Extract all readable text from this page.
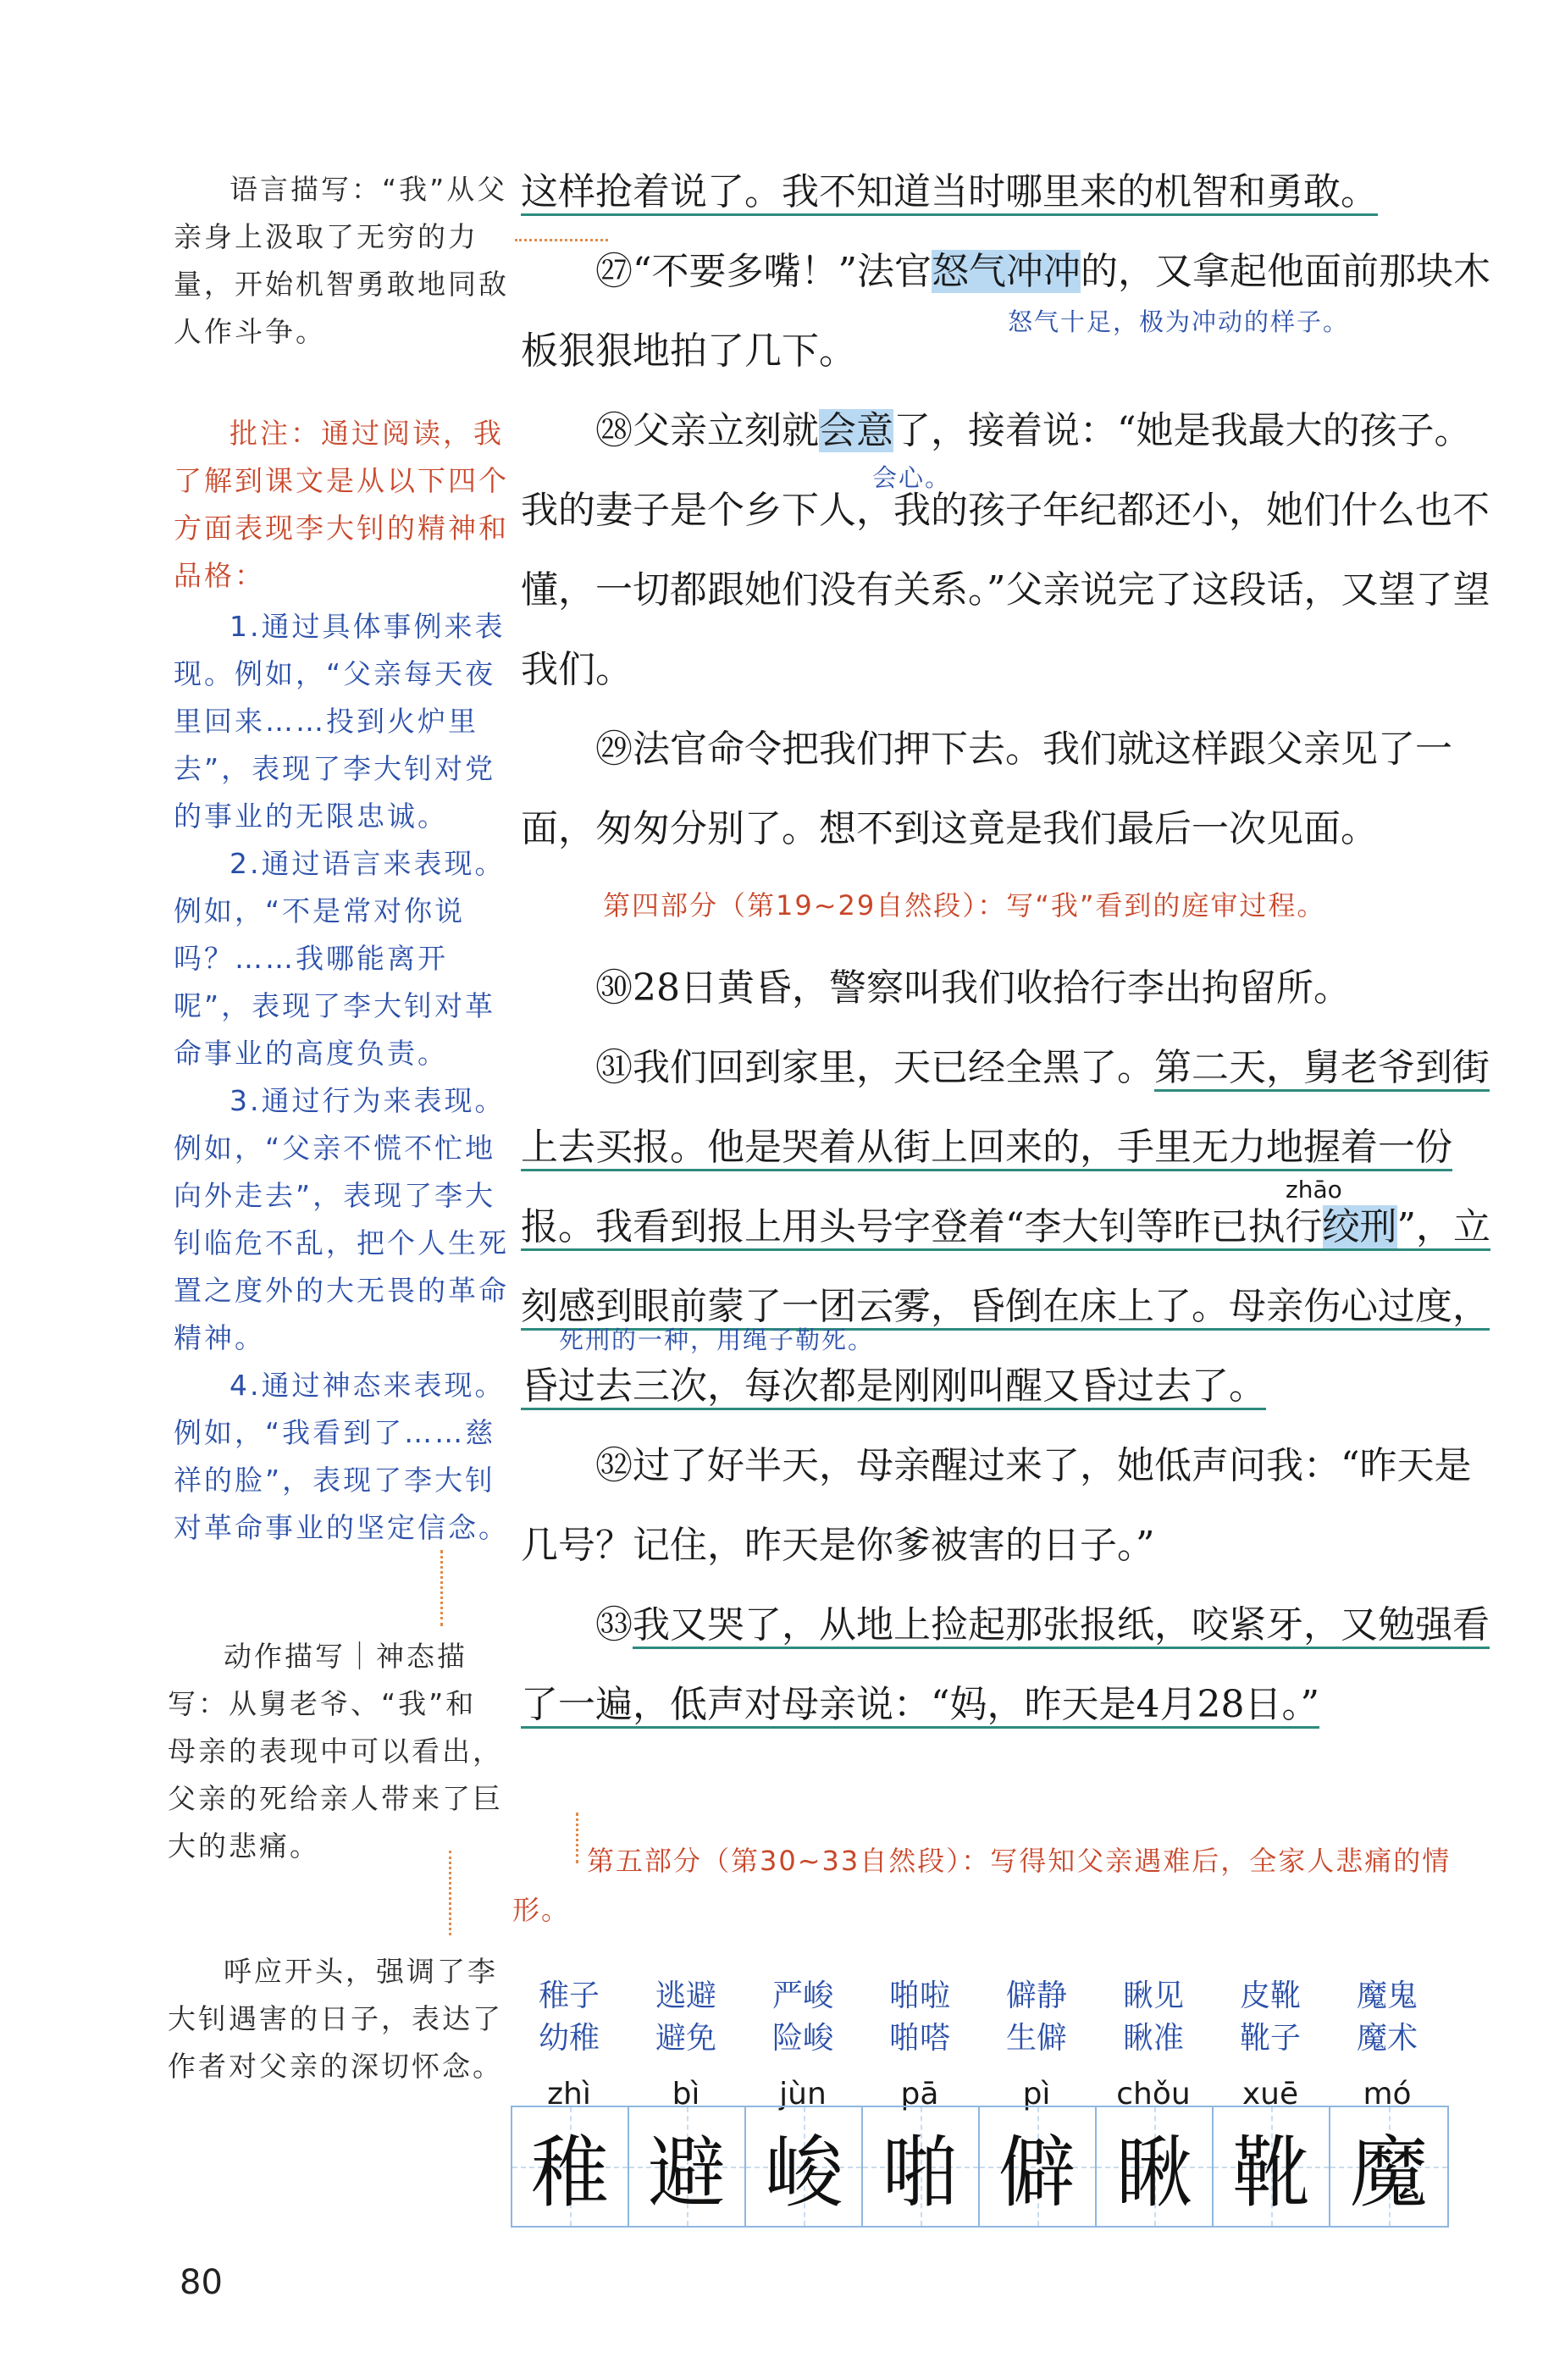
语言描写：“我”从父亲身上汲取了无穷的力量，开始机智勇敢地同敌人作斗争。
批注：通过阅读，我了解到课文是从以下四个方面表现李大钊的精神和品格：
1.通过具体事例来表现。例如，“父亲每天夜里回来……投到火炉里去”，表现了李大钊对党的事业的无限忠诚。
2.通过语言来表现。例如，“不是常对你说吗？……我哪能离开呢”，表现了李大钊对革命事业的高度负责。
3.通过行为来表现。例如，“父亲不慌不忙地向外走去”，表现了李大钊临危不乱，把个人生死置之度外的大无畏的革命精神。
4.通过神态来表现。例如，“我看到了……慈祥的脸”，表现了李大钊对革命事业的坚定信念。
动作描写｜神态描写：从舅老爷、“我”和母亲的表现中可以看出，父亲的死给亲人带来了巨大的悲痛。
呼应开头，强调了李大钊遇害的日子，表达了作者对父亲的深切怀念。

这样抢着说了。我不知道当时哪里来的机智和勇敢。

㉗“不要多嘴！”法官怒气冲冲的，又拿起他面前那块木板狠狠地拍了几下。

㉘父亲立刻就会意了，接着说：“她是我最大的孩子。我的妻子是个乡下人，我的孩子年纪都还小，她们什么也不懂，一切都跟她们没有关系。”父亲说完了这段话，又望了望我们。

㉙法官命令把我们押下去。我们就这样跟父亲见了一面，匆匆分别了。想不到这竟是我们最后一次见面。

㉚28日黄昏，警察叫我们收拾行李出拘留所。

㉛我们回到家里，天已经全黑了。第二天，舅老爷到街上去买报。他是哭着从街上回来的，手里无力地握着一份报。我看到报上用头号字登着“李大钊等昨已执行绞刑”，立刻感到眼前蒙了一团云雾，昏倒在床上了。母亲伤心过度，昏过去三次，每次都是刚刚叫醒又昏过去了。

㉜过了好半天，母亲醒过来了，她低声问我：“昨天是几号？记住，昨天是你爹被害的日子。”

㉝我又哭了，从地上捡起那张报纸，咬紧牙，又勉强看了一遍，低声对母亲说：“妈，昨天是4月28日。”

怒气十足，极为冲动的样子。
会心。
zhāo
死刑的一种，用绳子勒死。
第四部分（第19~29自然段）：写“我”看到的庭审过程。
第五部分（第30~33自然段）：写得知父亲遇难后，全家人悲痛的情形。
稚子
幼稚
zhì
逃避
避免
bì
严峻
险峻
jùn
啪啦
啪嗒
pā
僻静
生僻
pì
瞅见
瞅准
chǒu
皮靴
靴子
xuē
魔鬼
魔术
mó
稚 避 峻 啪 僻 瞅 靴 魔
80
